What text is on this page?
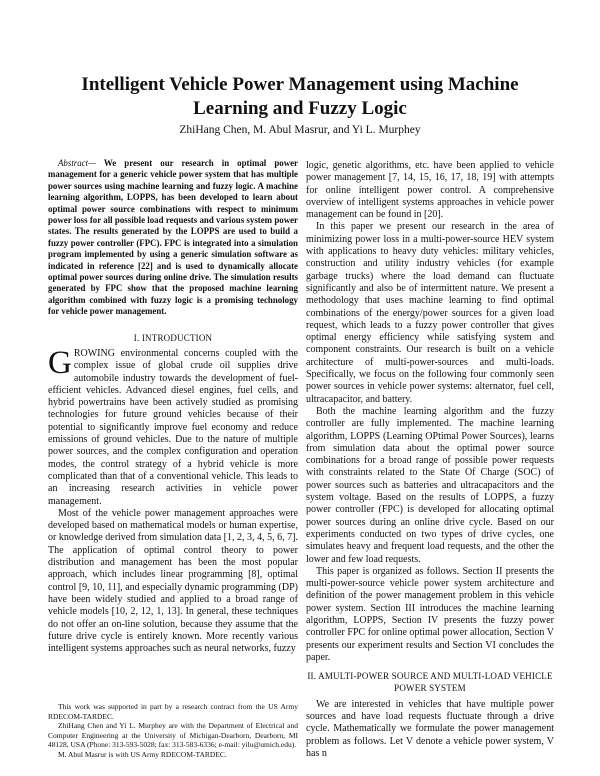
Intelligent Vehicle Power Management using Machine Learning and Fuzzy Logic
ZhiHang Chen, M. Abul Masrur, and Yi L. Murphey

Abstract— We present our research in optimal power management for a generic vehicle power system that has multiple power sources using machine learning and fuzzy logic. A machine learning algorithm, LOPPS, has been developed to learn about optimal power source combinations with respect to minimum power loss for all possible load requests and various system power states. The results generated by the LOPPS are used to build a fuzzy power controller (FPC). FPC is integrated into a simulation program implemented by using a generic simulation software as indicated in reference [22] and is used to dynamically allocate optimal power sources during online drive. The simulation results generated by FPC show that the proposed machine learning algorithm combined with fuzzy logic is a promising technology for vehicle power management.

I. INTRODUCTION

GROWING environmental concerns coupled with the complex issue of global crude oil supplies drive automobile industry towards the development of fuel-efficient vehicles. Advanced diesel engines, fuel cells, and hybrid powertrains have been actively studied as promising technologies for future ground vehicles because of their potential to significantly improve fuel economy and reduce emissions of ground vehicles. Due to the nature of multiple power sources, and the complex configuration and operation modes, the control strategy of a hybrid vehicle is more complicated than that of a conventional vehicle. This leads to an increasing research activities in vehicle power management.

Most of the vehicle power management approaches were developed based on mathematical models or human expertise, or knowledge derived from simulation data [1, 2, 3, 4, 5, 6, 7]. The application of optimal control theory to power distribution and management has been the most popular approach, which includes linear programming [8], optimal control [9, 10, 11], and especially dynamic programming (DP) have been widely studied and applied to a broad range of vehicle models [10, 2, 12, 1, 13]. In general, these techniques do not offer an on-line solution, because they assume that the future drive cycle is entirely known. More recently various intelligent systems approaches such as neural networks, fuzzy

logic, genetic algorithms, etc. have been applied to vehicle power management [7, 14, 15, 16, 17, 18, 19] with attempts for online intelligent power control. A comprehensive overview of intelligent systems approaches in vehicle power management can be found in [20].

In this paper we present our research in the area of minimizing power loss in a multi-power-source HEV system with applications to heavy duty vehicles: military vehicles, construction and utility industry vehicles (for example garbage trucks) where the load demand can fluctuate significantly and also be of intermittent nature. We present a methodology that uses machine learning to find optimal combinations of the energy/power sources for a given load request, which leads to a fuzzy power controller that gives optimal energy efficiency while satisfying system and component constraints. Our research is built on a vehicle architecture of multi-power-sources and multi-loads. Specifically, we focus on the following four commonly seen power sources in vehicle power systems: alternator, fuel cell, ultracapacitor, and battery.

Both the machine learning algorithm and the fuzzy controller are fully implemented. The machine learning algorithm, LOPPS (Learning OPtimal Power Sources), learns from simulation data about the optimal power source combinations for a broad range of possible power requests with constraints related to the State Of Charge (SOC) of power sources such as batteries and ultracapacitors and the system voltage. Based on the results of LOPPS, a fuzzy power controller (FPC) is developed for allocating optimal power sources during an online drive cycle. Based on our experiments conducted on two types of drive cycles, one simulates heavy and frequent load requests, and the other the lower and few load requests.

This paper is organized as follows. Section II presents the multi-power-source vehicle power system architecture and definition of the power management problem in this vehicle power system. Section III introduces the machine learning algorithm, LOPPS, Section IV presents the fuzzy power controller FPC for online optimal power allocation, Section V presents our experiment results and Section VI concludes the paper.

II. AMULTI-POWER SOURCE AND MULTI-LOAD VEHICLE POWER SYSTEM

We are interested in vehicles that have multiple power sources and have load requests fluctuate through a drive cycle. Mathematically we formulate the power management problem as follows. Let V denote a vehicle power system, V has n

This work was supported in part by a research contract from the US Army RDECOM-TARDEC.

ZhiHang Chen and Yi L. Murphey are with the Department of Electrical and Computer Engineering at the University of Michigan-Dearborn, Dearborn, MI 48128, USA (Phone: 313-593-5028; fax: 313-583-6336; e-mail: yilu@umich.edu).

M. Abul Masrur is with US Army RDECOM-TARDEC.
